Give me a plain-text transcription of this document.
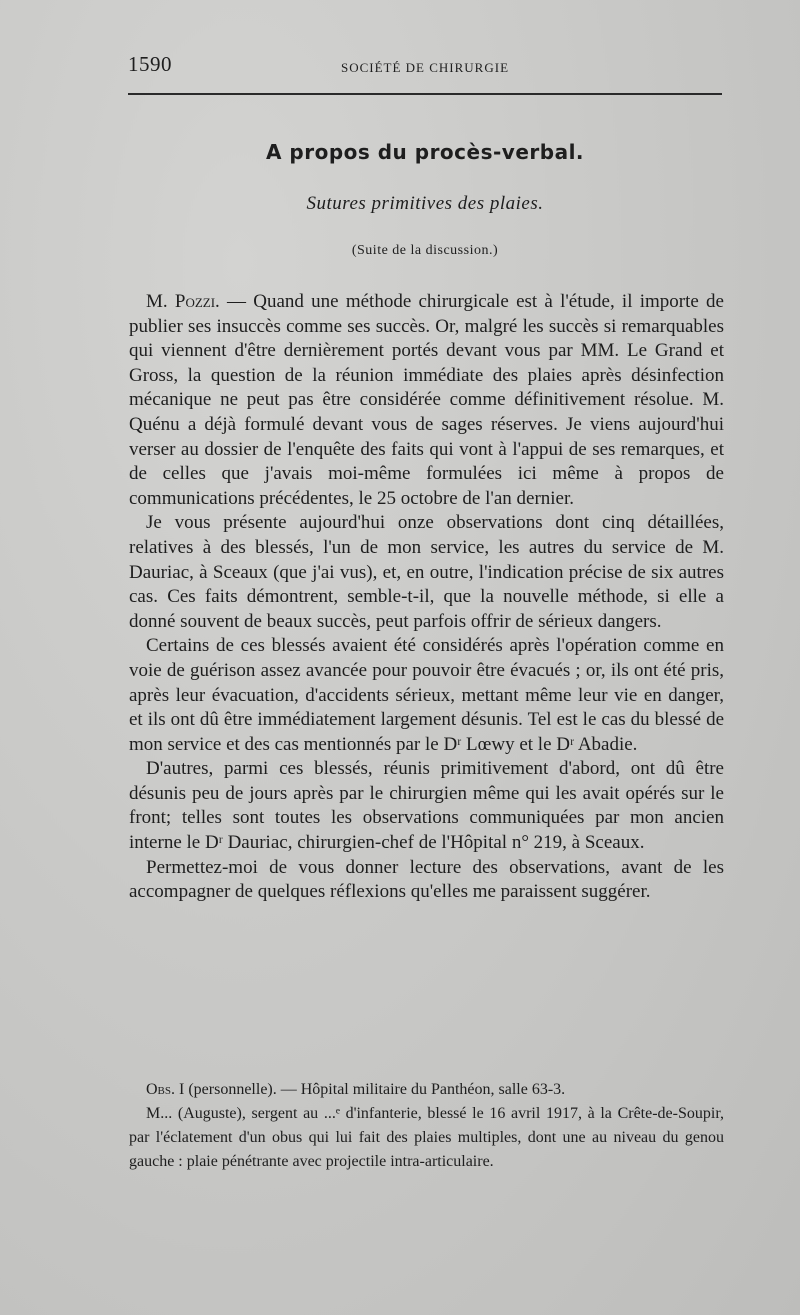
1590	SOCIÉTÉ DE CHIRURGIE
A propos du procès-verbal.
Sutures primitives des plaies.
(Suite de la discussion.)

M. Pozzi. — Quand une méthode chirurgicale est à l'étude, il importe de publier ses insuccès comme ses succès. Or, malgré les succès si remarquables qui viennent d'être dernièrement portés devant vous par MM. Le Grand et Gross, la question de la réunion immédiate des plaies après désinfection mécanique ne peut pas être considérée comme définitivement résolue. M. Quénu a déjà formulé devant vous de sages réserves. Je viens aujourd'hui verser au dossier de l'enquête des faits qui vont à l'appui de ses remarques, et de celles que j'avais moi-même formulées ici même à propos de communications précédentes, le 25 octobre de l'an dernier.

Je vous présente aujourd'hui onze observations dont cinq détaillées, relatives à des blessés, l'un de mon service, les autres du service de M. Dauriac, à Sceaux (que j'ai vus), et, en outre, l'indication précise de six autres cas. Ces faits démontrent, semble-t-il, que la nouvelle méthode, si elle a donné souvent de beaux succès, peut parfois offrir de sérieux dangers.

Certains de ces blessés avaient été considérés après l'opération comme en voie de guérison assez avancée pour pouvoir être évacués ; or, ils ont été pris, après leur évacuation, d'accidents sérieux, mettant même leur vie en danger, et ils ont dû être immédiatement largement désunis. Tel est le cas du blessé de mon service et des cas mentionnés par le Dʳ Lœwy et le Dʳ Abadie.

D'autres, parmi ces blessés, réunis primitivement d'abord, ont dû être désunis peu de jours après par le chirurgien même qui les avait opérés sur le front; telles sont toutes les observations communiquées par mon ancien interne le Dʳ Dauriac, chirurgien-chef de l'Hôpital n° 219, à Sceaux.

Permettez-moi de vous donner lecture des observations, avant de les accompagner de quelques réflexions qu'elles me paraissent suggérer.

Obs. I (personnelle). — Hôpital militaire du Panthéon, salle 63-3.

M... (Auguste), sergent au ...ᵉ d'infanterie, blessé le 16 avril 1917, à la Crête-de-Soupir, par l'éclatement d'un obus qui lui fait des plaies multiples, dont une au niveau du genou gauche : plaie pénétrante avec projectile intra-articulaire.
